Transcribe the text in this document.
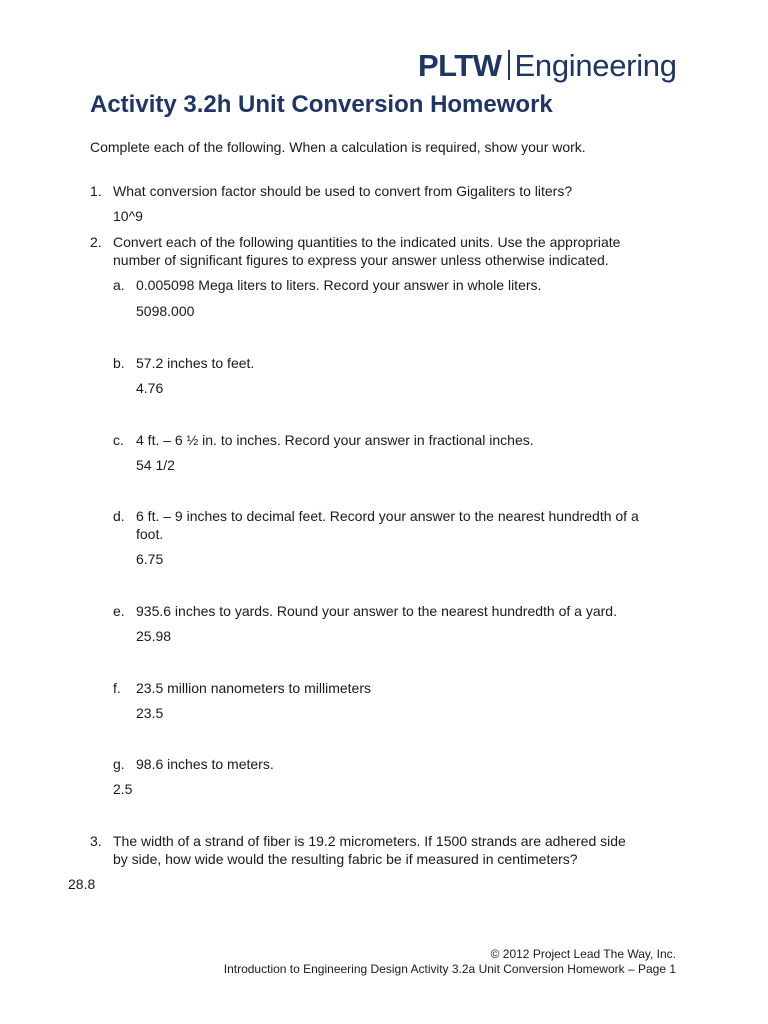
PLTW Engineering
Activity 3.2h Unit Conversion Homework
Complete each of the following. When a calculation is required, show your work.
1. What conversion factor should be used to convert from Gigaliters to liters?
10^9
2. Convert each of the following quantities to the indicated units. Use the appropriate
number of significant figures to express your answer unless otherwise indicated.
a. 0.005098 Mega liters to liters. Record your answer in whole liters.
5098.000
b. 57.2 inches to feet.
4.76
c. 4 ft. – 6 ½ in. to inches. Record your answer in fractional inches.
54 1/2
d. 6 ft. – 9 inches to decimal feet. Record your answer to the nearest hundredth of a
foot.
6.75
e. 935.6 inches to yards. Round your answer to the nearest hundredth of a yard.
25.98
f. 23.5 million nanometers to millimeters
23.5
g. 98.6 inches to meters.
2.5
3. The width of a strand of fiber is 19.2 micrometers. If 1500 strands are adhered side
by side, how wide would the resulting fabric be if measured in centimeters?
28.8
© 2012 Project Lead The Way, Inc.
Introduction to Engineering Design Activity 3.2a Unit Conversion Homework – Page 1
